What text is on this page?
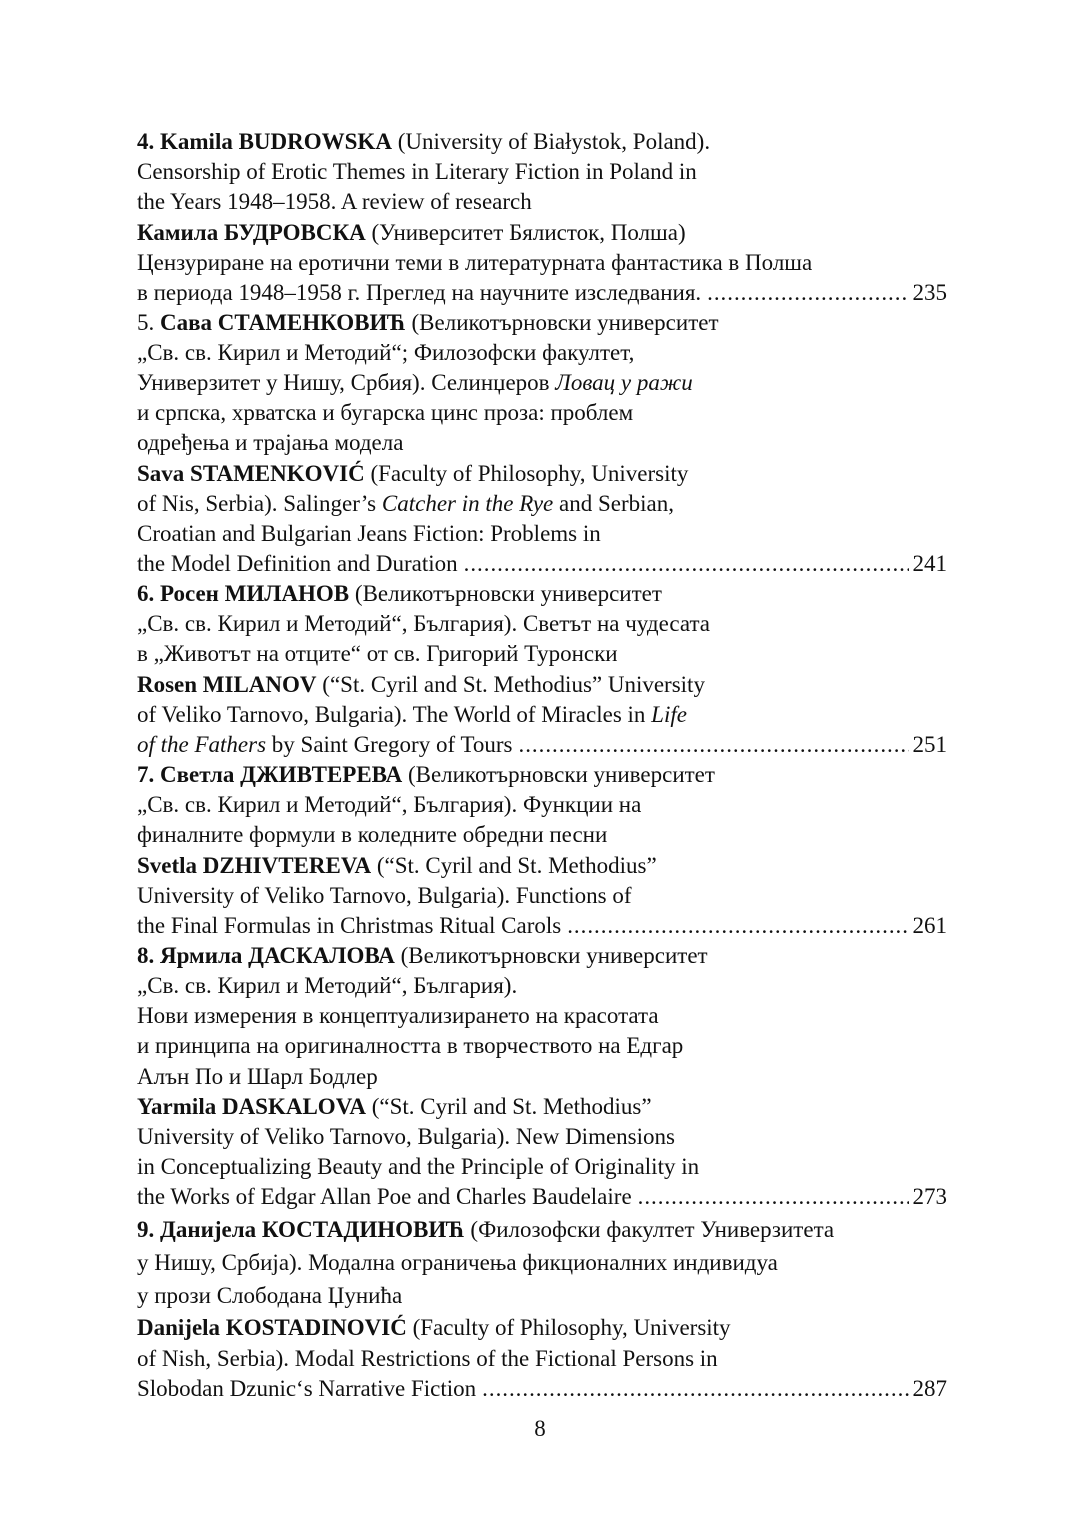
4. Kamila BUDROWSKA (University of Białystok, Poland).
Censorship of Erotic Themes in Literary Fiction in Poland in
the Years 1948–1958. A review of research
Камила БУДРОВСКА (Университет Бялисток, Полша)
Цензуриране на еротични теми в литературната фантастика в Полша
в периода 1948–1958 г. Преглед на научните изследвания. . . .	235
5. Сава СТАМЕНКОВИЋ (Великотърновски университет
„Св. св. Кирил и Методий“; Филозофски факултет,
Универзитет у Нишу, Србия). Селинџеров Ловац у ражи
и српска, хрватска и бугарска цинс проза: проблем
одређења и трајања модела
Sava STAMENKOVIĆ (Faculty of Philosophy, University
of Nis, Serbia). Salinger’s Catcher in the Rye and Serbian,
Croatian and Bulgarian Jeans Fiction: Problems in
the Model Definition and Duration . . .	241
6. Росен МИЛАНОВ (Великотърновски университет
„Св. св. Кирил и Методий“, България). Светът на чудесата
в „Животът на отците“ от св. Григорий Туронски
Rosen MILANOV (“St. Cyril and St. Methodius” University
of Veliko Tarnovo, Bulgaria). The World of Miracles in Life
of the Fathers by Saint Gregory of Tours . . .	251
7. Светла ДЖИВТЕРЕВА (Великотърновски университет
„Св. св. Кирил и Методий“, България). Функции на
финалните формули в коледните обредни песни
Svetla DZHIVTEREVA (“St. Cyril and St. Methodius”
University of Veliko Tarnovo, Bulgaria). Functions of
the Final Formulas in Christmas Ritual Carols . . .	261
8. Ярмила ДАСКАЛОВА (Великотърновски университет
„Св. св. Кирил и Методий“, България).
Нови измерения в концептуализирането на красотата
и принципа на оригиналността в творчеството на Едгар
Алън По и Шарл Бодлер
Yarmila DASKALOVA (“St. Cyril and St. Methodius”
University of Veliko Tarnovo, Bulgaria). New Dimensions
in Conceptualizing Beauty and the Principle of Originality in
the Works of Edgar Allan Poe and Charles Baudelaire . . .	273
9. Данијела КОСТАДИНОВИЋ (Филозофски факултет Универзитета
у Нишу, Србија). Модална ограничења фикционалних индивидуа
у прози Слободана Џунића
Danijela KOSTADINOVIĆ (Faculty of Philosophy, University
of Nish, Serbia). Modal Restrictions of the Fictional Persons in
Slobodan Dzunic‘s Narrative Fiction . . .	287
8
